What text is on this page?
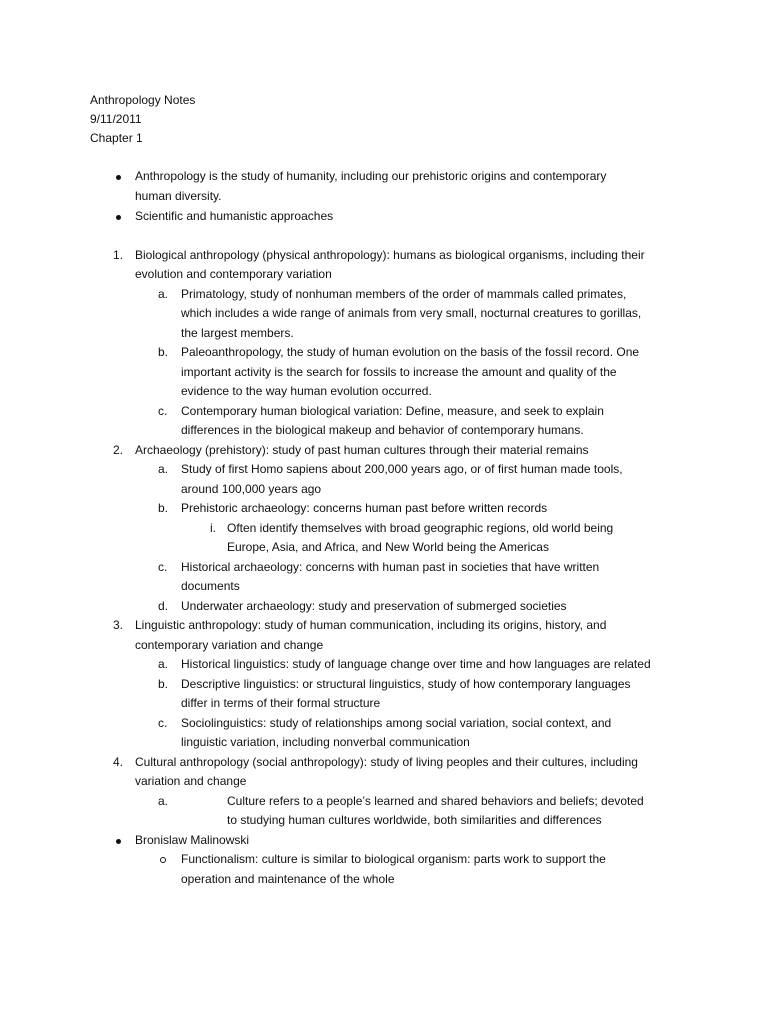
Anthropology Notes
9/11/2011
Chapter 1
Anthropology is the study of humanity, including our prehistoric origins and contemporary
human diversity.
Scientific and humanistic approaches
1. Biological anthropology (physical anthropology): humans as biological organisms, including their
evolution and contemporary variation
a. Primatology, study of nonhuman members of the order of mammals called primates,
which includes a wide range of animals from very small, nocturnal creatures to gorillas,
the largest members.
b. Paleoanthropology, the study of human evolution on the basis of the fossil record. One
important activity is the search for fossils to increase the amount and quality of the
evidence to the way human evolution occurred.
c. Contemporary human biological variation: Define, measure, and seek to explain
differences in the biological makeup and behavior of contemporary humans.
2. Archaeology (prehistory): study of past human cultures through their material remains
a. Study of first Homo sapiens about 200,000 years ago, or of first human made tools,
around 100,000 years ago
b. Prehistoric archaeology: concerns human past before written records
i. Often identify themselves with broad geographic regions, old world being
Europe, Asia, and Africa, and New World being the Americas
c. Historical archaeology: concerns with human past in societies that have written
documents
d. Underwater archaeology: study and preservation of submerged societies
3. Linguistic anthropology: study of human communication, including its origins, history, and
contemporary variation and change
a. Historical linguistics: study of language change over time and how languages are related
b. Descriptive linguistics: or structural linguistics, study of how contemporary languages
differ in terms of their formal structure
c. Sociolinguistics: study of relationships among social variation, social context, and
linguistic variation, including nonverbal communication
4. Cultural anthropology (social anthropology): study of living peoples and their cultures, including
variation and change
a.	Culture refers to a people’s learned and shared behaviors and beliefs; devoted
to studying human cultures worldwide, both similarities and differences
Bronislaw Malinowski
Functionalism: culture is similar to biological organism: parts work to support the
operation and maintenance of the whole
